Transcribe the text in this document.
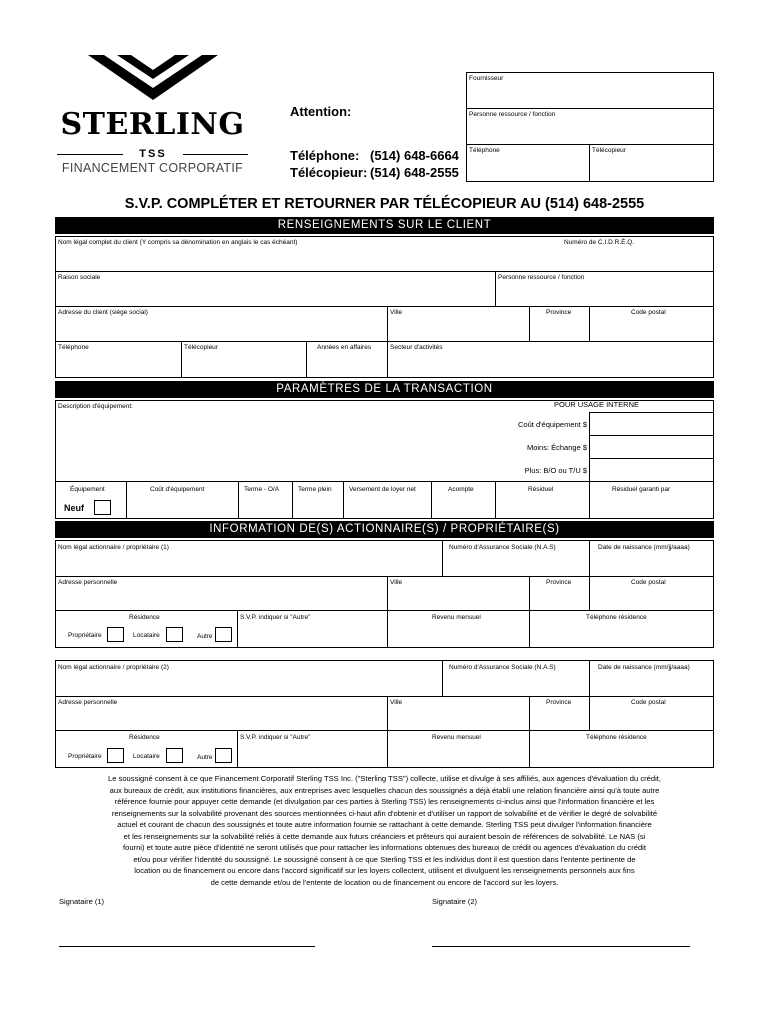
STERLING
TSS
FINANCEMENT CORPORATIF
Attention:
Téléphone: (514) 648-6664
Télécopieur: (514) 648-2555
Fournisseur
Personne ressource / fonction
Téléphone	Télécopieur
S.V.P. COMPLÉTER ET RETOURNER PAR TÉLÉCOPIEUR AU (514) 648-2555
RENSEIGNEMENTS SUR LE CLIENT
Nom légal complet du client (Y compris sa dénomination en anglais le cas échéant)	Numéro de C.I.D.R.É.Q.
Raison sociale	Personne ressource / fonction
Adresse du client (siège social)	Ville	Province	Code postal
Téléphone	Télécopieur	Années en affaires	Secteur d'activités
PARAMÈTRES DE LA TRANSACTION
Description d'équipement:	POUR USAGE INTERNE
Coût d'équipement $
Moins: Échange $
Plus: B/O ou T/U $
Équipement	Coût d'équipement	Terme - O/A	Terme plein	Versement de loyer net	Acompte	Résiduel	Résiduel garanti par
Neuf
INFORMATION DE(S) ACTIONNAIRE(S) / PROPRIÉTAIRE(S)
Nom légal actionnaire / propriétaire (1)	Numéro d'Assurance Sociale (N.A.S)	Date de naissance (mm/jj/aaaa)
Adresse personnelle	Ville	Province	Code postal
Résidence	S.V.P. indiquer si "Autre"	Revenu mensuel	Téléphone résidence
Propriétaire	Locataire	Autre
Nom légal actionnaire / propriétaire (2)	Numéro d'Assurance Sociale (N.A.S)	Date de naissance (mm/jj/aaaa)
Adresse personnelle	Ville	Province	Code postal
Résidence	S.V.P. indiquer si "Autre"	Revenu mensuel	Téléphone résidence
Propriétaire	Locataire	Autre
Le soussigné consent à ce que Financement Corporatif Sterling TSS Inc. ("Sterling TSS") collecte, utilise et divulge à ses affiliés, aux agences d'évaluation du crédit,
aux bureaux de crédit, aux institutions financières, aux entreprises avec lesquelles chacun des soussignés a déjà établi une relation financière ainsi qu'à toute autre
référence fournie pour appuyer cette demande (et divulgation par ces parties à Sterling TSS) les renseignements ci-inclus ainsi que l'information financière et les
renseignements sur la solvabilité provenant des sources mentionnées ci-haut afin d'obtenir et d'utiliser un rapport de solvabilité et de vérifier le degré de solvabilité
actuel et courant de chacun des soussignés et toute autre information fournie se rattachant à cette demande. Sterling TSS peut divulger l'information financière
et les renseignements sur la solvabilité reliés à cette demande aux futurs créanciers et prêteurs qui auraient besoin de références de solvabilité. Le NAS (si
fourni) et toute autre pièce d'identité ne seront utilisés que pour rattacher les informations obtenues des bureaux de crédit ou agences d'évaluation du crédit
et/ou pour vérifier l'identité du soussigné. Le soussigné consent à ce que Sterling TSS et les individus dont il est question dans l'entente pertinente de
location ou de financement ou encore dans l'accord significatif sur les loyers collectent, utilisent et divulguent les renseignements personnels aux fins
de cette demande et/ou de l'entente de location ou de financement ou encore de l'accord sur les loyers.
Signataire (1)	Signataire (2)
